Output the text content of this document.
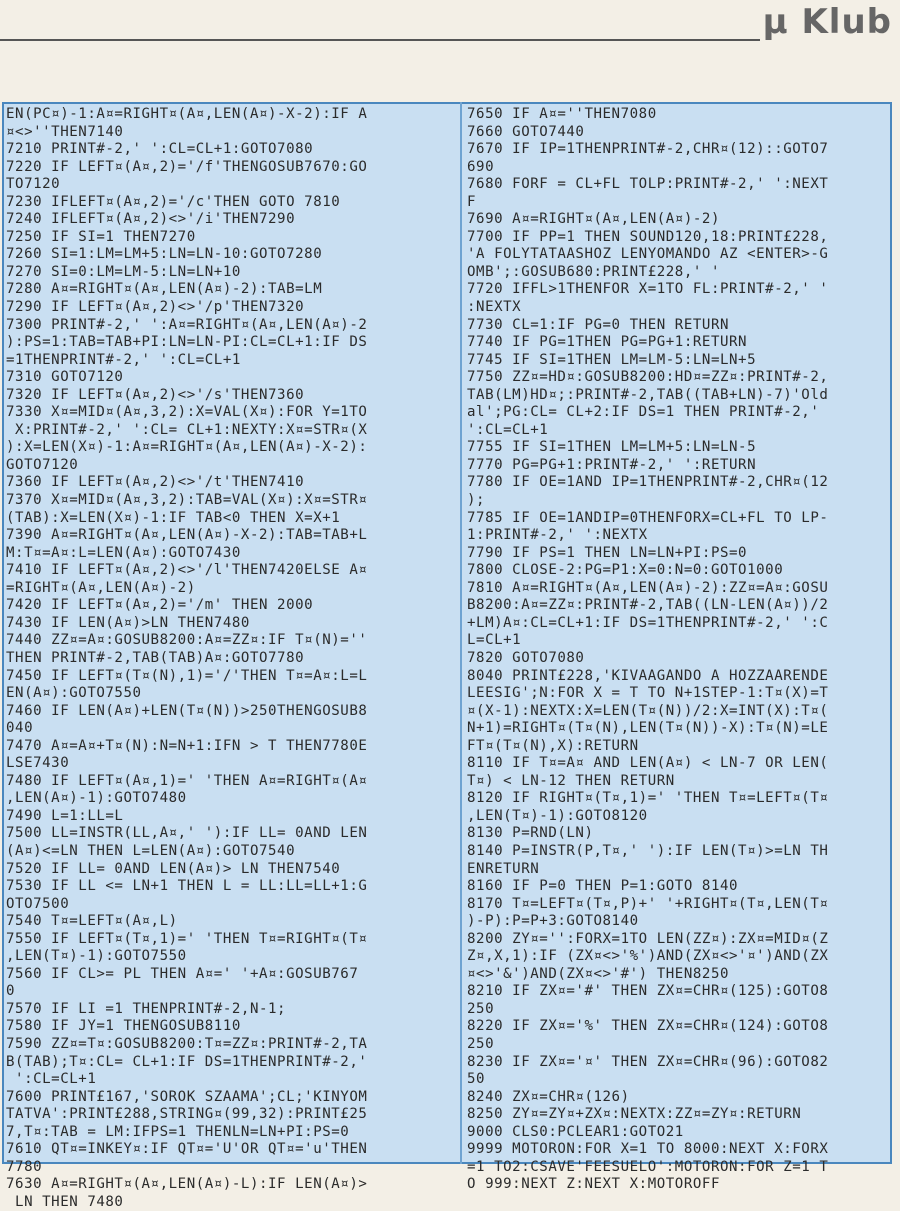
µ Klub
EN(PC¤)-1:A¤=RIGHT¤(A¤,LEN(A¤)-X-2):IF A
¤<>''THEN7140
7210 PRINT#-2,' ':CL=CL+1:GOTO7080
7220 IF LEFT¤(A¤,2)='/f'THENGOSUB7670:GO
TO7120
7230 IFLEFT¤(A¤,2)='/c'THEN GOTO 7810
7240 IFLEFT¤(A¤,2)<>'/i'THEN7290
7250 IF SI=1 THEN7270
7260 SI=1:LM=LM+5:LN=LN-10:GOTO7280
7270 SI=0:LM=LM-5:LN=LN+10
7280 A¤=RIGHT¤(A¤,LEN(A¤)-2):TAB=LM
7290 IF LEFT¤(A¤,2)<>'/p'THEN7320
7300 PRINT#-2,' ':A¤=RIGHT¤(A¤,LEN(A¤)-2
):PS=1:TAB=TAB+PI:LN=LN-PI:CL=CL+1:IF DS
=1THENPRINT#-2,' ':CL=CL+1
7310 GOTO7120
7320 IF LEFT¤(A¤,2)<>'/s'THEN7360
7330 X¤=MID¤(A¤,3,2):X=VAL(X¤):FOR Y=1TO
X:PRINT#-2,' ':CL= CL+1:NEXTY:X¤=STR¤(X
):X=LEN(X¤)-1:A¤=RIGHT¤(A¤,LEN(A¤)-X-2):
GOTO7120
7360 IF LEFT¤(A¤,2)<>'/t'THEN7410
7370 X¤=MID¤(A¤,3,2):TAB=VAL(X¤):X¤=STR¤
(TAB):X=LEN(X¤)-1:IF TAB<0 THEN X=X+1
7390 A¤=RIGHT¤(A¤,LEN(A¤)-X-2):TAB=TAB+L
M:T¤=A¤:L=LEN(A¤):GOTO7430
7410 IF LEFT¤(A¤,2)<>'/l'THEN7420ELSE A¤
=RIGHT¤(A¤,LEN(A¤)-2)
7420 IF LEFT¤(A¤,2)='/m' THEN 2000
7430 IF LEN(A¤)>LN THEN7480
7440 ZZ¤=A¤:GOSUB8200:A¤=ZZ¤:IF T¤(N)=''
THEN PRINT#-2,TAB(TAB)A¤:GOTO7780
7450 IF LEFT¤(T¤(N),1)='/'THEN T¤=A¤:L=L
EN(A¤):GOTO7550
7460 IF LEN(A¤)+LEN(T¤(N))>250THENGOSUB8
040
7470 A¤=A¤+T¤(N):N=N+1:IFN > T THEN7780E
LSE7430
7480 IF LEFT¤(A¤,1)=' 'THEN A¤=RIGHT¤(A¤
,LEN(A¤)-1):GOTO7480
7490 L=1:LL=L
7500 LL=INSTR(LL,A¤,' '):IF LL= 0AND LEN
(A¤)<=LN THEN L=LEN(A¤):GOTO7540
7520 IF LL= 0AND LEN(A¤)> LN THEN7540
7530 IF LL <= LN+1 THEN L = LL:LL=LL+1:G
OTO7500
7540 T¤=LEFT¤(A¤,L)
7550 IF LEFT¤(T¤,1)=' 'THEN T¤=RIGHT¤(T¤
,LEN(T¤)-1):GOTO7550
7560 IF CL>= PL THEN A¤=' '+A¤:GOSUB767
0
7570 IF LI =1 THENPRINT#-2,N-1;
7580 IF JY=1 THENGOSUB8110
7590 ZZ¤=T¤:GOSUB8200:T¤=ZZ¤:PRINT#-2,TA
B(TAB);T¤:CL= CL+1:IF DS=1THENPRINT#-2,'
':CL=CL+1
7600 PRINT£167,'SOROK SZAAMA';CL;'KINYOM
TATVA':PRINT£288,STRING¤(99,32):PRINT£25
7,T¤:TAB = LM:IFPS=1 THENLN=LN+PI:PS=0
7610 QT¤=INKEY¤:IF QT¤='U'OR QT¤='u'THEN
7780
7630 A¤=RIGHT¤(A¤,LEN(A¤)-L):IF LEN(A¤)>
LN THEN 7480
7650 IF A¤=''THEN7080
7660 GOTO7440
7670 IF IP=1THENPRINT#-2,CHR¤(12)::GOTO7
690
7680 FORF = CL+FL TOLP:PRINT#-2,' ':NEXT
F
7690 A¤=RIGHT¤(A¤,LEN(A¤)-2)
7700 IF PP=1 THEN SOUND120,18:PRINT£228,
'A FOLYTATAASHOZ LENYOMANDO AZ <ENTER>-G
OMB';:GOSUB680:PRINT£228,' '
7720 IFFL>1THENFOR X=1TO FL:PRINT#-2,' '
:NEXTX
7730 CL=1:IF PG=0 THEN RETURN
7740 IF PG=1THEN PG=PG+1:RETURN
7745 IF SI=1THEN LM=LM-5:LN=LN+5
7750 ZZ¤=HD¤:GOSUB8200:HD¤=ZZ¤:PRINT#-2,
TAB(LM)HD¤;:PRINT#-2,TAB((TAB+LN)-7)'Old
al';PG:CL= CL+2:IF DS=1 THEN PRINT#-2,'
':CL=CL+1
7755 IF SI=1THEN LM=LM+5:LN=LN-5
7770 PG=PG+1:PRINT#-2,' ':RETURN
7780 IF OE=1AND IP=1THENPRINT#-2,CHR¤(12
);
7785 IF OE=1ANDIP=0THENFORX=CL+FL TO LP-
1:PRINT#-2,' ':NEXTX
7790 IF PS=1 THEN LN=LN+PI:PS=0
7800 CLOSE-2:PG=P1:X=0:N=0:GOTO1000
7810 A¤=RIGHT¤(A¤,LEN(A¤)-2):ZZ¤=A¤:GOSU
B8200:A¤=ZZ¤:PRINT#-2,TAB((LN-LEN(A¤))/2
+LM)A¤:CL=CL+1:IF DS=1THENPRINT#-2,' ':C
L=CL+1
7820 GOTO7080
8040 PRINT£228,'KIVAAGANDO A HOZZAARENDE
LEESIG';N:FOR X = T TO N+1STEP-1:T¤(X)=T
¤(X-1):NEXTX:X=LEN(T¤(N))/2:X=INT(X):T¤(
N+1)=RIGHT¤(T¤(N),LEN(T¤(N))-X):T¤(N)=LE
FT¤(T¤(N),X):RETURN
8110 IF T¤=A¤ AND LEN(A¤) < LN-7 OR LEN(
T¤) < LN-12 THEN RETURN
8120 IF RIGHT¤(T¤,1)=' 'THEN T¤=LEFT¤(T¤
,LEN(T¤)-1):GOTO8120
8130 P=RND(LN)
8140 P=INSTR(P,T¤,' '):IF LEN(T¤)>=LN TH
ENRETURN
8160 IF P=0 THEN P=1:GOTO 8140
8170 T¤=LEFT¤(T¤,P)+' '+RIGHT¤(T¤,LEN(T¤
)-P):P=P+3:GOTO8140
8200 ZY¤='':FORX=1TO LEN(ZZ¤):ZX¤=MID¤(Z
Z¤,X,1):IF (ZX¤<>'%')AND(ZX¤<>'¤')AND(ZX
¤<>'&')AND(ZX¤<>'#') THEN8250
8210 IF ZX¤='#' THEN ZX¤=CHR¤(125):GOTO8
250
8220 IF ZX¤='%' THEN ZX¤=CHR¤(124):GOTO8
250
8230 IF ZX¤='¤' THEN ZX¤=CHR¤(96):GOTO82
50
8240 ZX¤=CHR¤(126)
8250 ZY¤=ZY¤+ZX¤:NEXTX:ZZ¤=ZY¤:RETURN
9000 CLS0:PCLEAR1:GOTO21
9999 MOTORON:FOR X=1 TO 8000:NEXT X:FORX
=1 TO2:CSAVE'FEESUELO':MOTORON:FOR Z=1 T
O 999:NEXT Z:NEXT X:MOTOROFF
